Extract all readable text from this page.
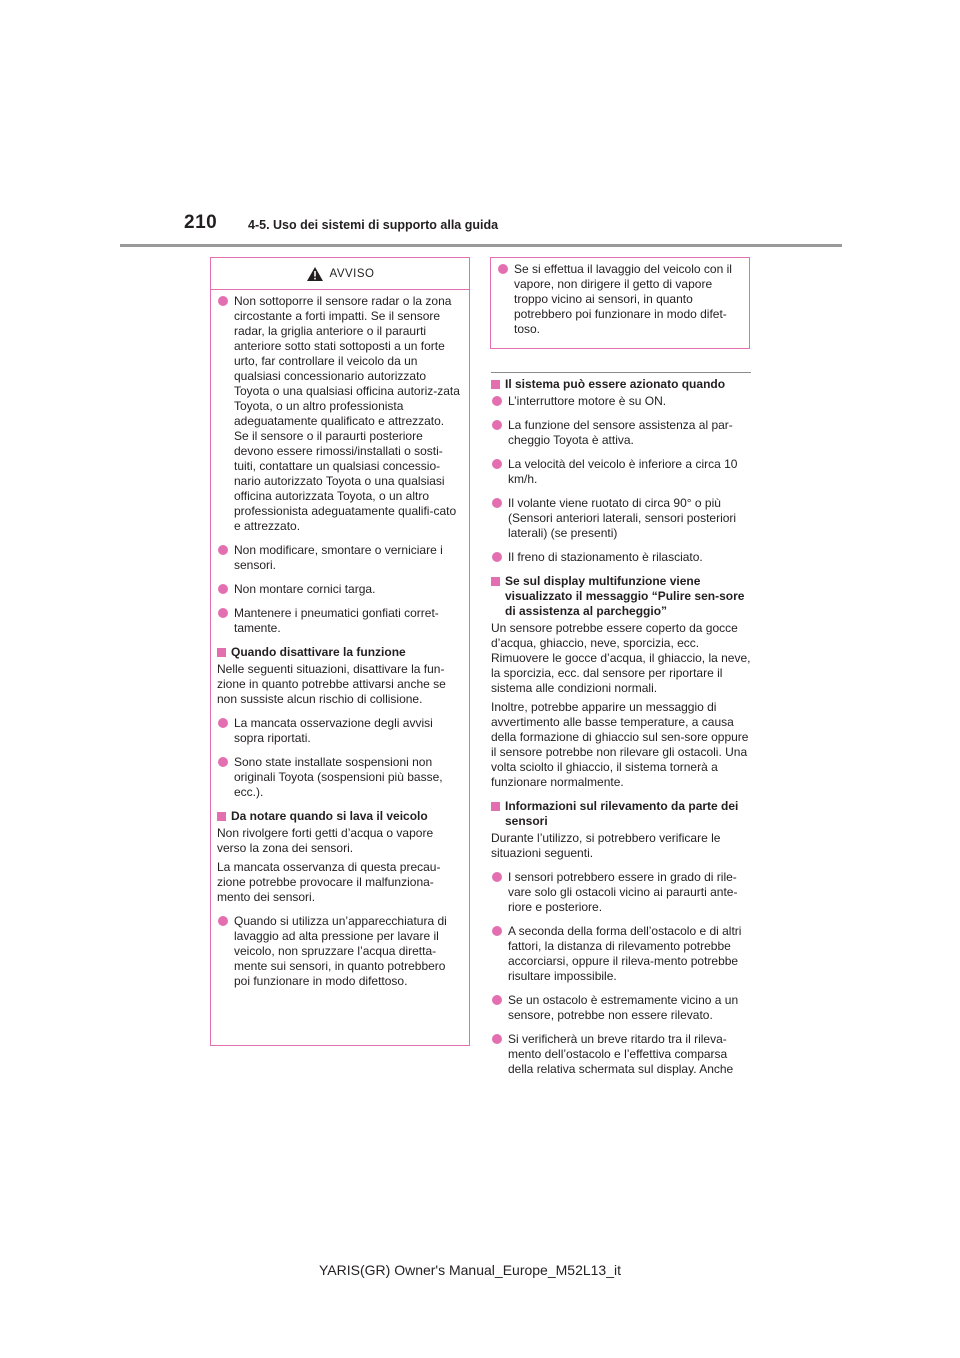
210 4-5. Uso dei sistemi di supporto alla guida
AVVISO
Non sottoporre il sensore radar o la zona circostante a forti impatti. Se il sensore radar, la griglia anteriore o il paraurti anteriore sotto stati sottoposti a un forte urto, far controllare il veicolo da un qualsiasi concessionario autorizzato Toyota o una qualsiasi officina autoriz-zata Toyota, o un altro professionista adeguatamente qualificato e attrezzato. Se il sensore o il paraurti posteriore devono essere rimossi/installati o sosti-tuiti, contattare un qualsiasi concessio-nario autorizzato Toyota o una qualsiasi officina autorizzata Toyota, o un altro professionista adeguatamente qualifi-cato e attrezzato.
Non modificare, smontare o verniciare i sensori.
Non montare cornici targa.
Mantenere i pneumatici gonfiati corret-tamente.
Quando disattivare la funzione
Nelle seguenti situazioni, disattivare la fun-zione in quanto potrebbe attivarsi anche se non sussiste alcun rischio di collisione.
La mancata osservazione degli avvisi sopra riportati.
Sono state installate sospensioni non originali Toyota (sospensioni più basse, ecc.).
Da notare quando si lava il veicolo
Non rivolgere forti getti d’acqua o vapore verso la zona dei sensori.
La mancata osservanza di questa precau-zione potrebbe provocare il malfunziona-mento dei sensori.
Quando si utilizza un’apparecchiatura di lavaggio ad alta pressione per lavare il veicolo, non spruzzare l’acqua diretta-mente sui sensori, in quanto potrebbero poi funzionare in modo difettoso.
Se si effettua il lavaggio del veicolo con il vapore, non dirigere il getto di vapore troppo vicino ai sensori, in quanto potrebbero poi funzionare in modo difet-toso.
Il sistema può essere azionato quando
L’interruttore motore è su ON.
La funzione del sensore assistenza al par-cheggio Toyota è attiva.
La velocità del veicolo è inferiore a circa 10 km/h.
Il volante viene ruotato di circa 90° o più (Sensori anteriori laterali, sensori posteriori laterali) (se presenti)
Il freno di stazionamento è rilasciato.
Se sul display multifunzione viene visualizzato il messaggio “Pulire sen-sore di assistenza al parcheggio”
Un sensore potrebbe essere coperto da gocce d’acqua, ghiaccio, neve, sporcizia, ecc. Rimuovere le gocce d’acqua, il ghiaccio, la neve, la sporcizia, ecc. dal sensore per riportare il sistema alle condizioni normali.
Inoltre, potrebbe apparire un messaggio di avvertimento alle basse temperature, a causa della formazione di ghiaccio sul sen-sore oppure il sensore potrebbe non rilevare gli ostacoli. Una volta sciolto il ghiaccio, il sistema tornerà a funzionare normalmente.
Informazioni sul rilevamento da parte dei sensori
Durante l’utilizzo, si potrebbero verificare le situazioni seguenti.
I sensori potrebbero essere in grado di rile-vare solo gli ostacoli vicino ai paraurti ante-riore e posteriore.
A seconda della forma dell’ostacolo e di altri fattori, la distanza di rilevamento potrebbe accorciarsi, oppure il rileva-mento potrebbe risultare impossibile.
Se un ostacolo è estremamente vicino a un sensore, potrebbe non essere rilevato.
Si verificherà un breve ritardo tra il rileva-mento dell’ostacolo e l’effettiva comparsa della relativa schermata sul display. Anche
YARIS(GR) Owner's Manual_Europe_M52L13_it
